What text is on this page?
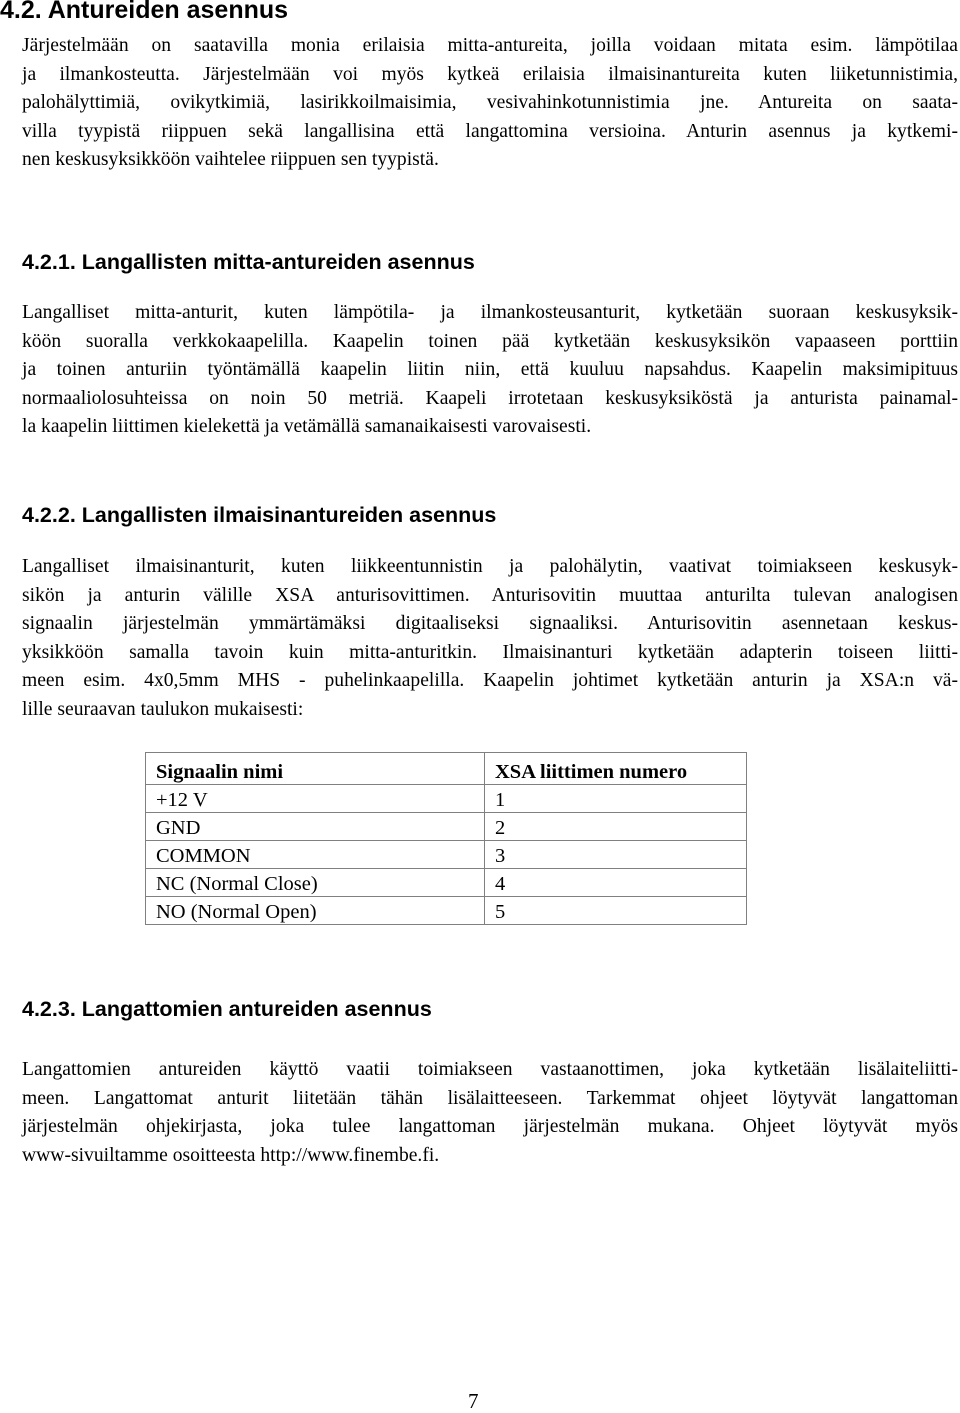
4.2. Antureiden asennus

Järjestelmään on saatavilla monia erilaisia mitta-antureita, joilla voidaan mitata esim. lämpötilaa
ja ilmankosteutta. Järjestelmään voi myös kytkeä erilaisia ilmaisinantureita kuten liiketunnistimia,
palohälyttimiä, ovikytkimiä, lasirikkoilmaisimia, vesivahinkotunnistimia jne. Antureita on saata-
villa tyypistä riippuen sekä langallisina että langattomina versioina. Anturin asennus ja kytkemi-
nen keskusyksikköön vaihtelee riippuen sen tyypistä.

4.2.1. Langallisten mitta-antureiden asennus

Langalliset mitta-anturit, kuten lämpötila- ja ilmankosteusanturit, kytketään suoraan keskusyksik-
köön suoralla verkkokaapelilla. Kaapelin toinen pää kytketään keskusyksikön vapaaseen porttiin
ja toinen anturiin työntämällä kaapelin liitin niin, että kuuluu napsahdus. Kaapelin maksimipituus
normaaliolosuhteissa on noin 50 metriä. Kaapeli irrotetaan keskusyksiköstä ja anturista painamal-
la kaapelin liittimen kielekettä ja vetämällä samanaikaisesti varovaisesti.

4.2.2. Langallisten ilmaisinantureiden asennus

Langalliset ilmaisinanturit, kuten liikkeentunnistin ja palohälytin, vaativat toimiakseen keskusyk-
sikön ja anturin välille XSA anturisovittimen. Anturisovitin muuttaa anturilta tulevan analogisen
signaalin järjestelmän ymmärtämäksi digitaaliseksi signaaliksi. Anturisovitin asennetaan keskus-
yksikköön samalla tavoin kuin mitta-anturitkin. Ilmaisinanturi kytketään adapterin toiseen liitti-
meen esim. 4x0,5mm MHS - puhelinkaapelilla. Kaapelin johtimet kytketään anturin ja XSA:n vä-
lille seuraavan taulukon mukaisesti:

Signaalin nimi	XSA liittimen numero
+12 V	1
GND	2
COMMON	3
NC (Normal Close)	4
NO (Normal Open)	5
4.2.3. Langattomien antureiden asennus

Langattomien antureiden käyttö vaatii toimiakseen vastaanottimen, joka kytketään lisälaiteliitti-
meen. Langattomat anturit liitetään tähän lisälaitteeseen. Tarkemmat ohjeet löytyvät langattoman
järjestelmän ohjekirjasta, joka tulee langattoman järjestelmän mukana. Ohjeet löytyvät myös
www-sivuiltamme osoitteesta http://www.finembe.fi.

7
